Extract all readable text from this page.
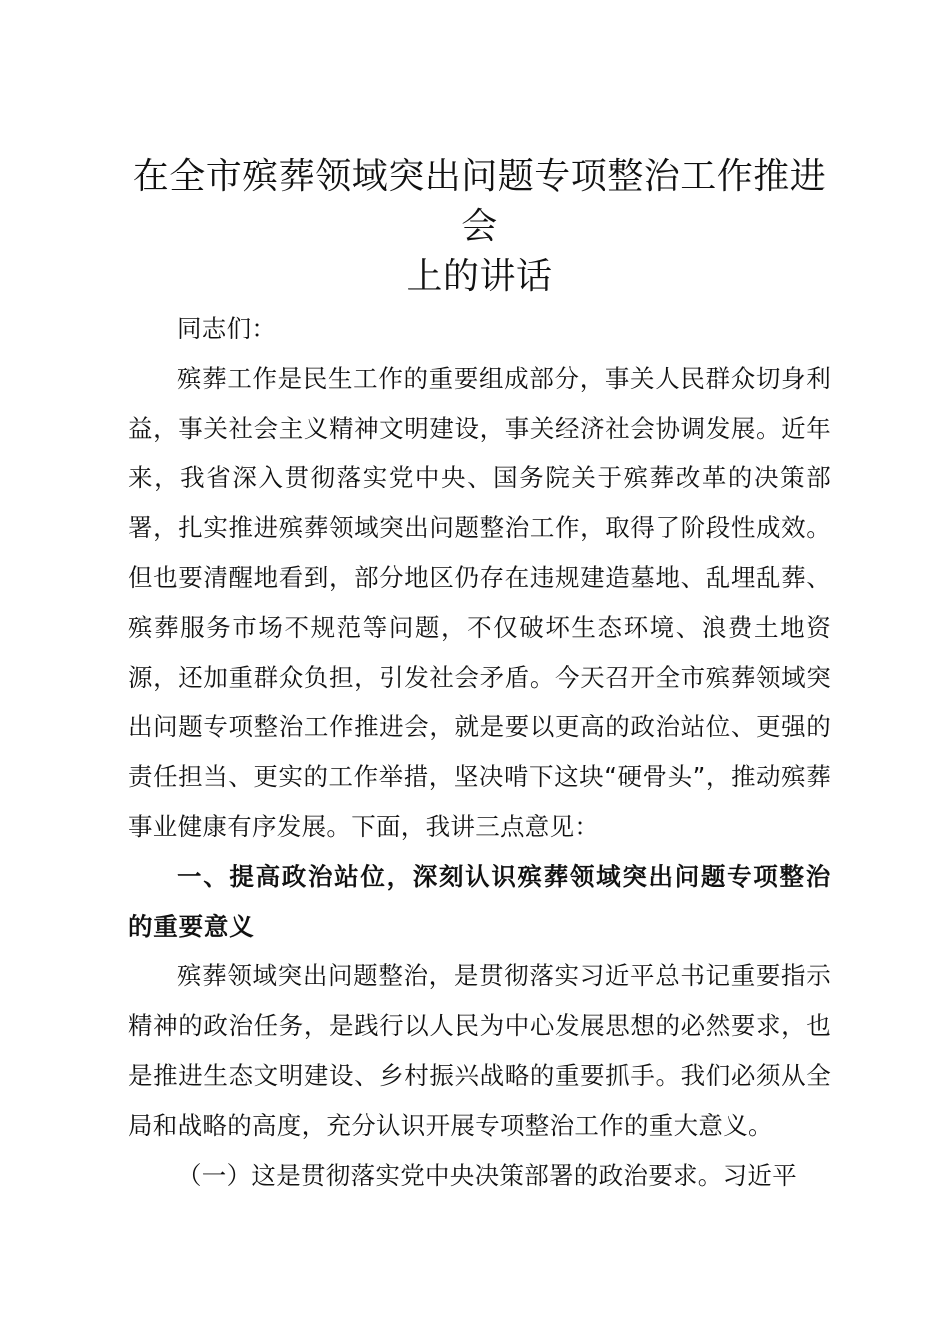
在全市殡葬领域突出问题专项整治工作推进会
上的讲话

同志们：

殡葬工作是民生工作的重要组成部分，事关人民群众切身利益，事关社会主义精神文明建设，事关经济社会协调发展。近年来，我省深入贯彻落实党中央、国务院关于殡葬改革的决策部署，扎实推进殡葬领域突出问题整治工作，取得了阶段性成效。但也要清醒地看到，部分地区仍存在违规建造墓地、乱埋乱葬、殡葬服务市场不规范等问题，不仅破坏生态环境、浪费土地资源，还加重群众负担，引发社会矛盾。今天召开全市殡葬领域突出问题专项整治工作推进会，就是要以更高的政治站位、更强的责任担当、更实的工作举措，坚决啃下这块“硬骨头”，推动殡葬事业健康有序发展。下面，我讲三点意见：

一、提高政治站位，深刻认识殡葬领域突出问题专项整治的重要意义

殡葬领域突出问题整治，是贯彻落实习近平总书记重要指示精神的政治任务，是践行以人民为中心发展思想的必然要求，也是推进生态文明建设、乡村振兴战略的重要抓手。我们必须从全局和战略的高度，充分认识开展专项整治工作的重大意义。

（一）这是贯彻落实党中央决策部署的政治要求。习近平
